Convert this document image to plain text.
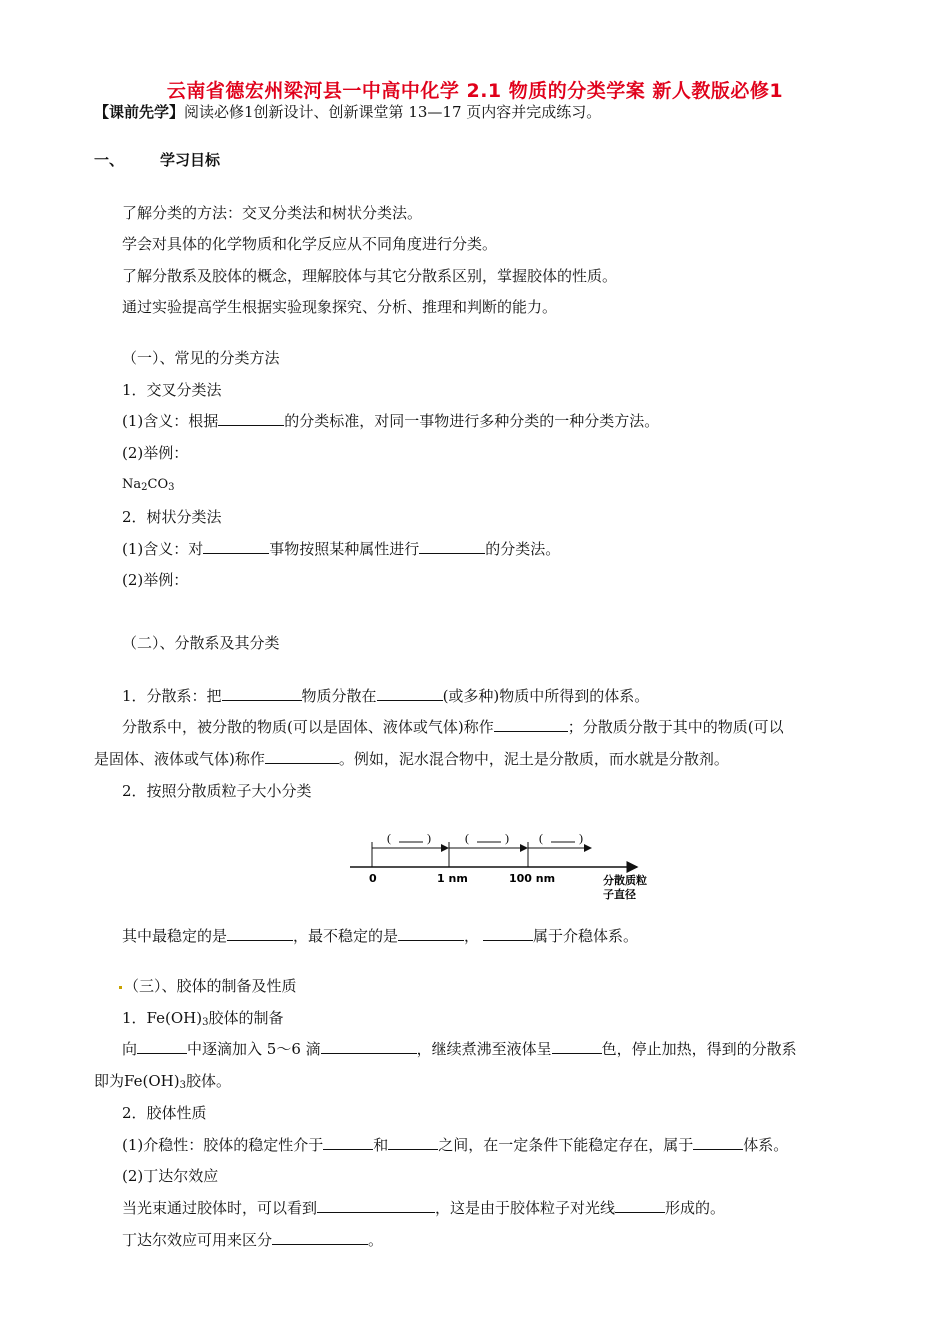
云南省德宏州梁河县一中高中化学 2.1 物质的分类学案 新人教版必修1
【课前先学】阅读必修1创新设计、创新课堂第 13—17 页内容并完成练习。
一、 学习目标
了解分类的方法：交叉分类法和树状分类法。
学会对具体的化学物质和化学反应从不同角度进行分类。
了解分散系及胶体的概念，理解胶体与其它分散系区别，掌握胶体的性质。
通过实验提高学生根据实验现象探究、分析、推理和判断的能力。
（一）、常见的分类方法
1．交叉分类法
(1)含义：根据	的分类标准，对同一事物进行多种分类的一种分类方法。
(2)举例：
$Na_2CO_3$
2．树状分类法
(1)含义：对	事物按照某种属性进行	的分类法。
(2)举例：
（二）、分散系及其分类
1．分散系：把	物质分散在	(或多种)物质中所得到的体系。
分散系中，被分散的物质(可以是固体、液体或气体)称作	；分散质分散于其中的物质(可以
是固体、液体或气体)称作	。例如，泥水混合物中，泥土是分散质，而水就是分散剂。
2．按照分散质粒子大小分类
(	)	(	)	(	)
0	1 nm	100 nm	分散质粒
子直径
其中最稳定的是	，最不稳定的是	，	属于介稳体系。
（三）、胶体的制备及性质
1．$Fe(OH)_3$胶体的制备
向	中逐滴加入 5～6 滴	，继续煮沸至液体呈	色，停止加热，得到的分散系
即为$Fe(OH)_3$胶体。
2．胶体性质
(1)介稳性：胶体的稳定性介于	和	之间，在一定条件下能稳定存在，属于	体系。
(2)丁达尔效应
当光束通过胶体时，可以看到	，这是由于胶体粒子对光线	形成的。
丁达尔效应可用来区分	。
